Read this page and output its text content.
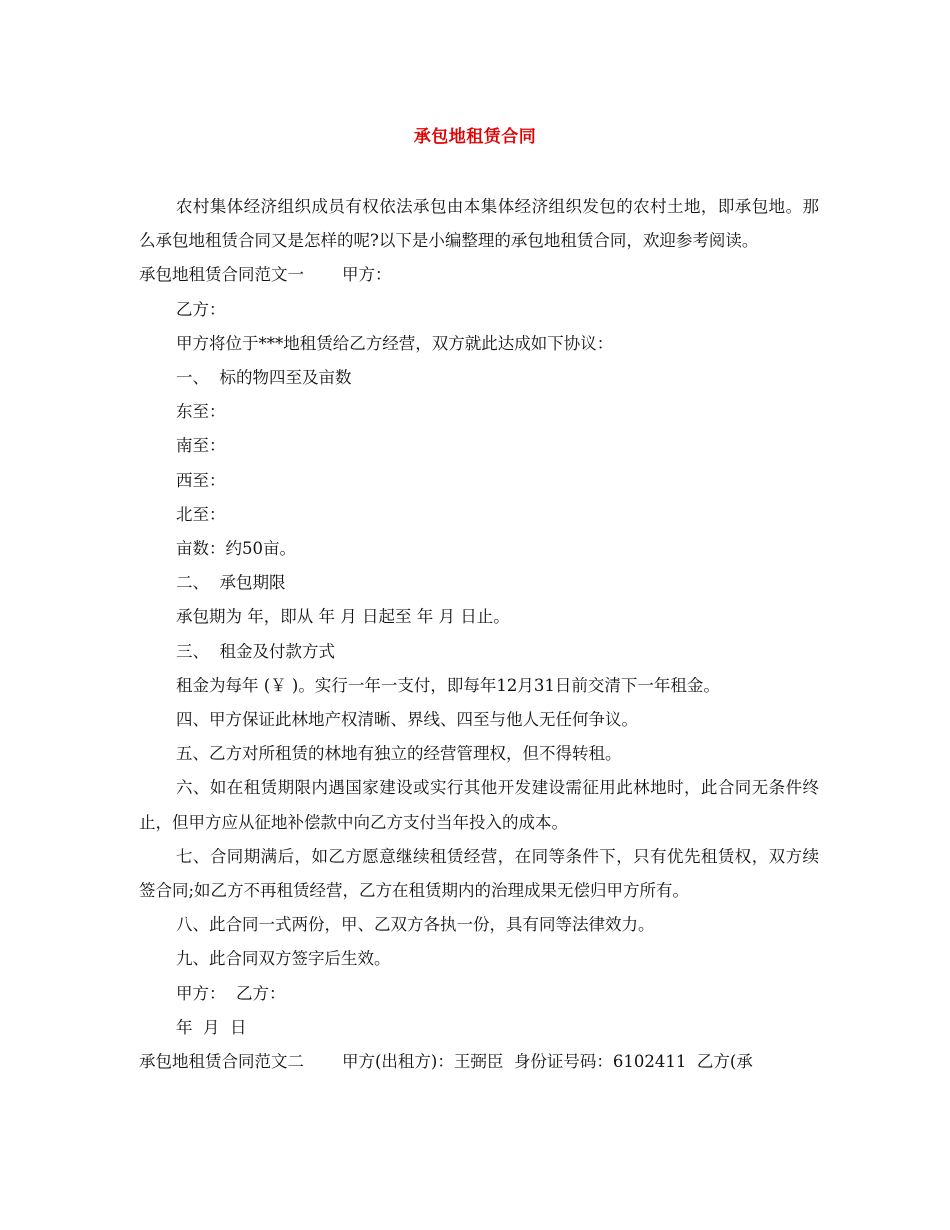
承包地租赁合同

农村集体经济组织成员有权依法承包由本集体经济组织发包的农村土地，即承包地。那么承包地租赁合同又是怎样的呢?以下是小编整理的承包地租赁合同，欢迎参考阅读。

承包地租赁合同范文一 甲方：

乙方：

甲方将位于***地租赁给乙方经营，双方就此达成如下协议：

一、  标的物四至及亩数

东至：

南至：

西至：

北至：

亩数：约50亩。

二、  承包期限

承包期为 年，即从 年 月 日起至 年 月 日止。

三、  租金及付款方式

租金为每年 (￥ )。实行一年一支付，即每年12月31日前交清下一年租金。

四、甲方保证此林地产权清晰、界线、四至与他人无任何争议。

五、乙方对所租赁的林地有独立的经营管理权，但不得转租。

六、如在租赁期限内遇国家建设或实行其他开发建设需征用此林地时，此合同无条件终止，但甲方应从征地补偿款中向乙方支付当年投入的成本。

七、合同期满后，如乙方愿意继续租赁经营，在同等条件下，只有优先租赁权，双方续签合同;如乙方不再租赁经营，乙方在租赁期内的治理成果无偿归甲方所有。

八、此合同一式两份，甲、乙双方各执一份，具有同等法律效力。

九、此合同双方签字后生效。

甲方：  乙方：

年  月  日

承包地租赁合同范文二 甲方(出租方)：王弼臣  身份证号码：6102411  乙方(承
